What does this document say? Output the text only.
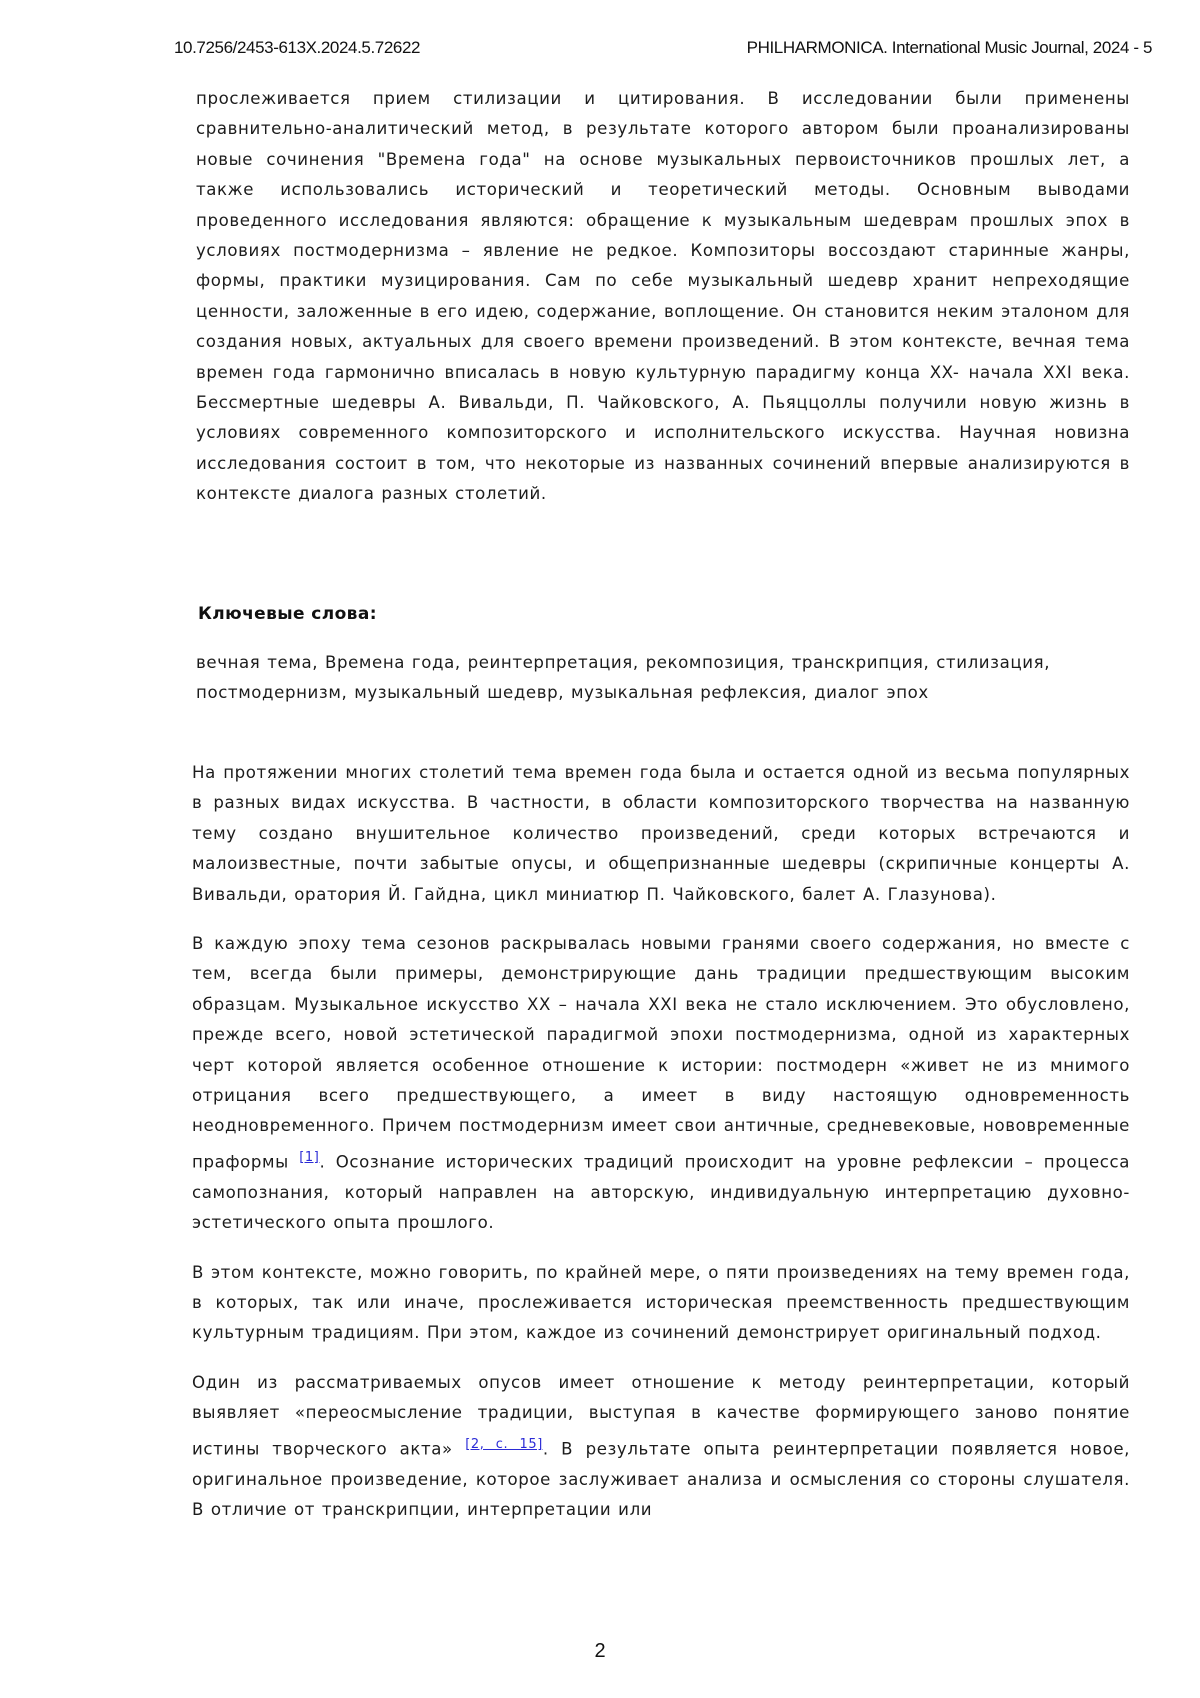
10.7256/2453-613X.2024.5.72622	PHILHARMONICA. International Music Journal, 2024 - 5

прослеживается прием стилизации и цитирования. В исследовании были применены сравнительно-аналитический метод, в результате которого автором были проанализированы новые сочинения "Времена года" на основе музыкальных первоисточников прошлых лет, а также использовались исторический и теоретический методы. Основным выводами проведенного исследования являются: обращение к музыкальным шедеврам прошлых эпох в условиях постмодернизма – явление не редкое. Композиторы воссоздают старинные жанры, формы, практики музицирования. Сам по себе музыкальный шедевр хранит непреходящие ценности, заложенные в его идею, содержание, воплощение. Он становится неким эталоном для создания новых, актуальных для своего времени произведений. В этом контексте, вечная тема времен года гармонично вписалась в новую культурную парадигму конца XX- начала XXI века. Бессмертные шедевры А. Вивальди, П. Чайковского, А. Пьяццоллы получили новую жизнь в условиях современного композиторского и исполнительского искусства. Научная новизна исследования состоит в том, что некоторые из названных сочинений впервые анализируются в контексте диалога разных столетий.

Ключевые слова:

вечная тема, Времена года, реинтерпретация, рекомпозиция, транскрипция, стилизация, постмодернизм, музыкальный шедевр, музыкальная рефлексия, диалог эпох

На протяжении многих столетий тема времен года была и остается одной из весьма популярных в разных видах искусства. В частности, в области композиторского творчества на названную тему создано внушительное количество произведений, среди которых встречаются и малоизвестные, почти забытые опусы, и общепризнанные шедевры (скрипичные концерты А. Вивальди, оратория Й. Гайдна, цикл миниатюр П. Чайковского, балет А. Глазунова).

В каждую эпоху тема сезонов раскрывалась новыми гранями своего содержания, но вместе с тем, всегда были примеры, демонстрирующие дань традиции предшествующим высоким образцам. Музыкальное искусство XX – начала XXI века не стало исключением. Это обусловлено, прежде всего, новой эстетической парадигмой эпохи постмодернизма, одной из характерных черт которой является особенное отношение к истории: постмодерн «живет не из мнимого отрицания всего предшествующего, а имеет в виду настоящую одновременность неодновременного. Причем постмодернизм имеет свои античные, средневековые, нововременные праформы [1]. Осознание исторических традиций происходит на уровне рефлексии – процесса самопознания, который направлен на авторскую, индивидуальную интерпретацию духовно-эстетического опыта прошлого.

В этом контексте, можно говорить, по крайней мере, о пяти произведениях на тему времен года, в которых, так или иначе, прослеживается историческая преемственность предшествующим культурным традициям. При этом, каждое из сочинений демонстрирует оригинальный подход.

Один из рассматриваемых опусов имеет отношение к методу реинтерпретации, который выявляет «переосмысление традиции, выступая в качестве формирующего заново понятие истины творческого акта» [2, с. 15]. В результате опыта реинтерпретации появляется новое, оригинальное произведение, которое заслуживает анализа и осмысления со стороны слушателя. В отличие от транскрипции, интерпретации или

2
